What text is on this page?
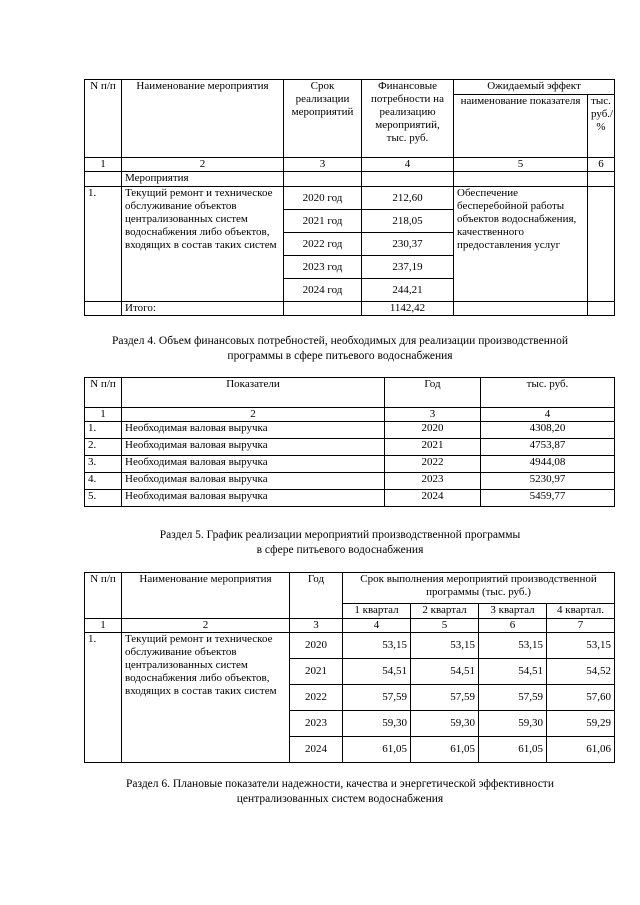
N п/п	Наименование мероприятия	Срок реализации мероприятий	Финансовые потребности на реализацию мероприятий, тыс. руб.	Ожидаемый эффект	
				наименование показателя	тыс. руб./ %
1	2	3	4	5	6
	Мероприятия				
1.	Текущий ремонт и техническое обслуживание объектов централизованных систем водоснабжения либо объектов, входящих в состав таких систем	2020 год	212,60	Обеспечение бесперебойной работы объектов водоснабжения, качественного предоставления услуг	
		2021 год	218,05		
		2022 год	230,37		
		2023 год	237,19		
		2024 год	244,21		
	Итого:		1142,42		
Раздел 4. Объем финансовых потребностей, необходимых для реализации производственной
программы в сфере питьевого водоснабжения
N п/п	Показатели	Год	тыс. руб.
1	2	3	4
1.	Необходимая валовая выручка	2020	4308,20
2.	Необходимая валовая выручка	2021	4753,87
3.	Необходимая валовая выручка	2022	4944,08
4.	Необходимая валовая выручка	2023	5230,97
5.	Необходимая валовая выручка	2024	5459,77
Раздел 5. График реализации мероприятий производственной программы
в сфере питьевого водоснабжения
N п/п	Наименование мероприятия	Год	Срок выполнения мероприятий производственной программы (тыс. руб.)			
			1 квартал	2 квартал	3 квартал	4 квартал.
1	2	3	4	5	6	7
1.	Текущий ремонт и техническое обслуживание объектов централизованных систем водоснабжения либо объектов, входящих в состав таких систем	2020	53,15	53,15	53,15	53,15
		2021	54,51	54,51	54,51	54,52
		2022	57,59	57,59	57,59	57,60
		2023	59,30	59,30	59,30	59,29
		2024	61,05	61,05	61,05	61,06
Раздел 6. Плановые показатели надежности, качества и энергетической эффективности
централизованных систем водоснабжения
